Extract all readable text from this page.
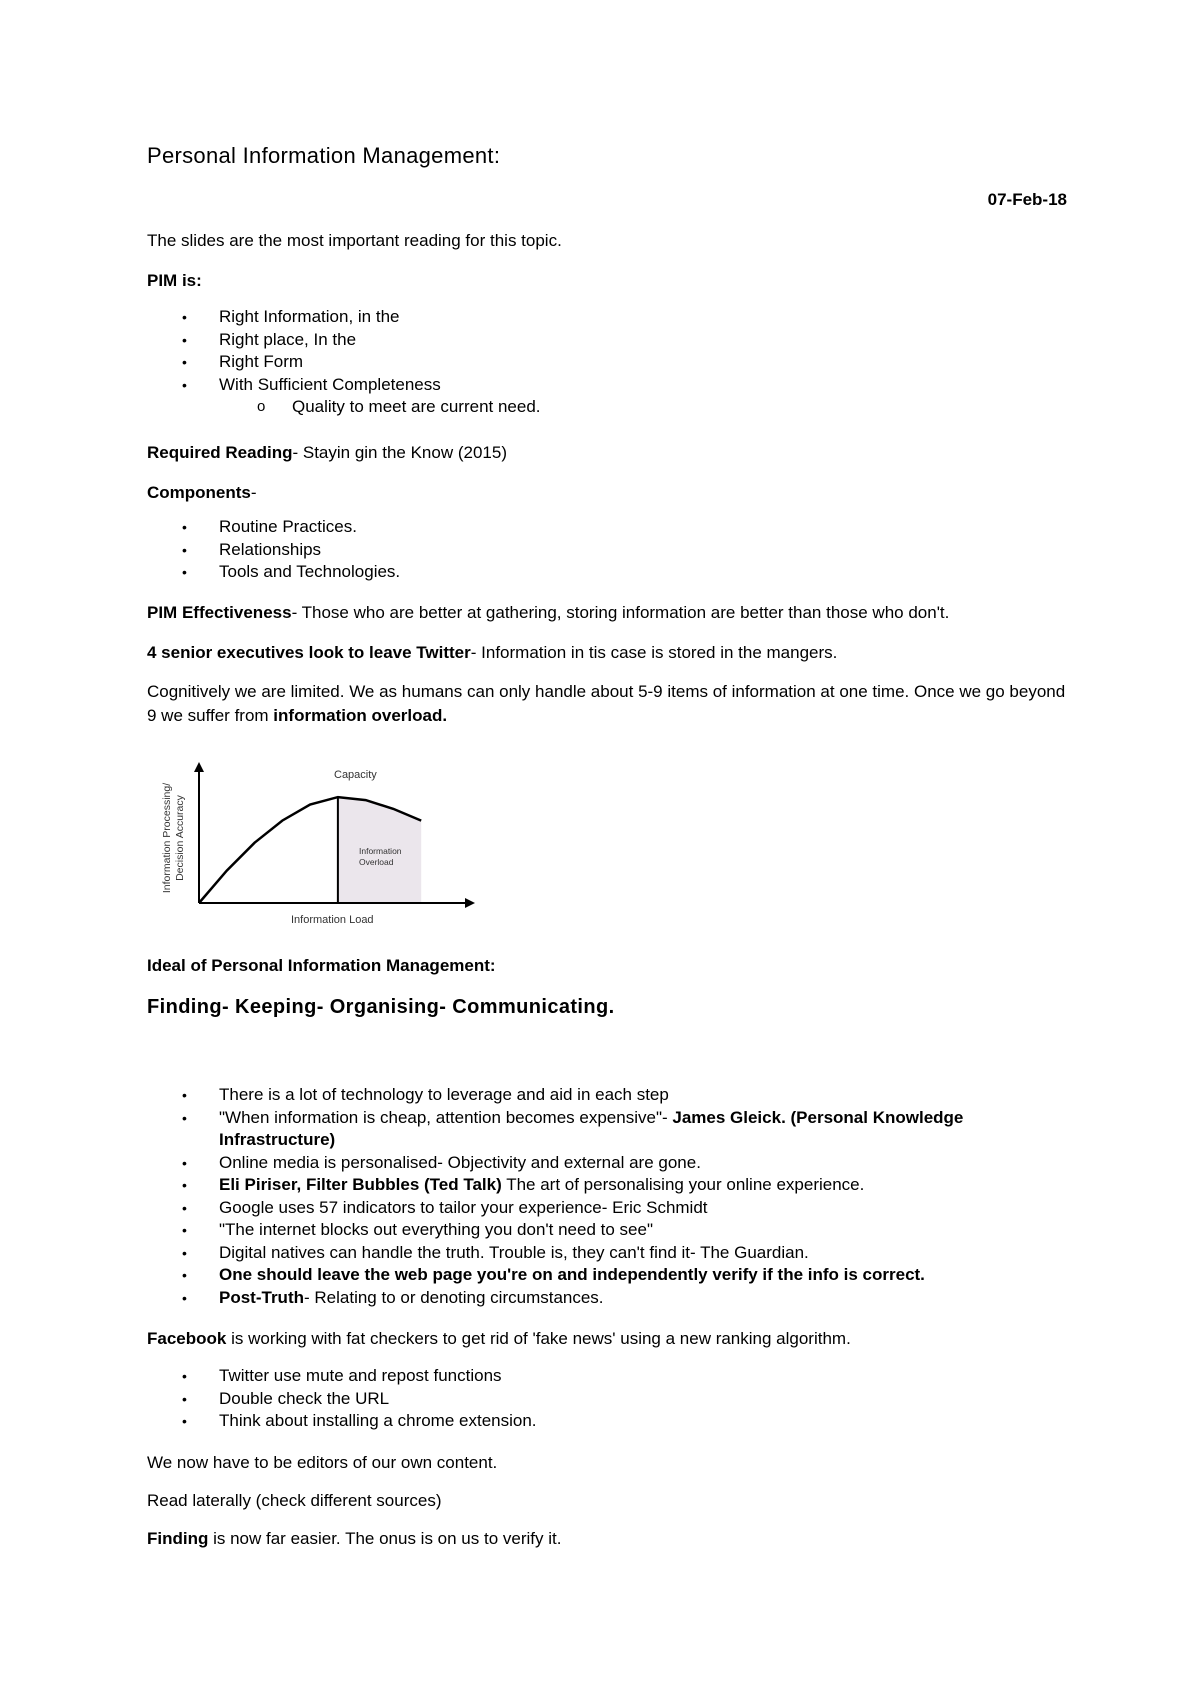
Personal Information Management:
07-Feb-18
The slides are the most important reading for this topic.
PIM is:
• Right Information, in the
• Right place, In the
• Right Form
• With Sufficient Completeness
o Quality to meet are current need.
Required Reading- Stayin gin the Know (2015)
Components-
• Routine Practices.
• Relationships
• Tools and Technologies.
PIM Effectiveness- Those who are better at gathering, storing information are better than those who don't.
4 senior executives look to leave Twitter- Information in tis case is stored in the mangers.
Cognitively we are limited. We as humans can only handle about 5-9 items of information at one time. Once we go beyond 9 we suffer from information overload.
Capacity
Information Load
Information Overload
Information Processing/ Decision Accuracy
Ideal of Personal Information Management:
Finding- Keeping- Organising- Communicating.
• There is a lot of technology to leverage and aid in each step
• "When information is cheap, attention becomes expensive"- James Gleick. (Personal Knowledge Infrastructure)
• Online media is personalised- Objectivity and external are gone.
• Eli Piriser, Filter Bubbles (Ted Talk) The art of personalising your online experience.
• Google uses 57 indicators to tailor your experience- Eric Schmidt
• "The internet blocks out everything you don't need to see"
• Digital natives can handle the truth. Trouble is, they can't find it- The Guardian.
• One should leave the web page you're on and independently verify if the info is correct.
• Post-Truth- Relating to or denoting circumstances.
Facebook is working with fat checkers to get rid of 'fake news' using a new ranking algorithm.
• Twitter use mute and repost functions
• Double check the URL
• Think about installing a chrome extension.
We now have to be editors of our own content.
Read laterally (check different sources)
Finding is now far easier. The onus is on us to verify it.
